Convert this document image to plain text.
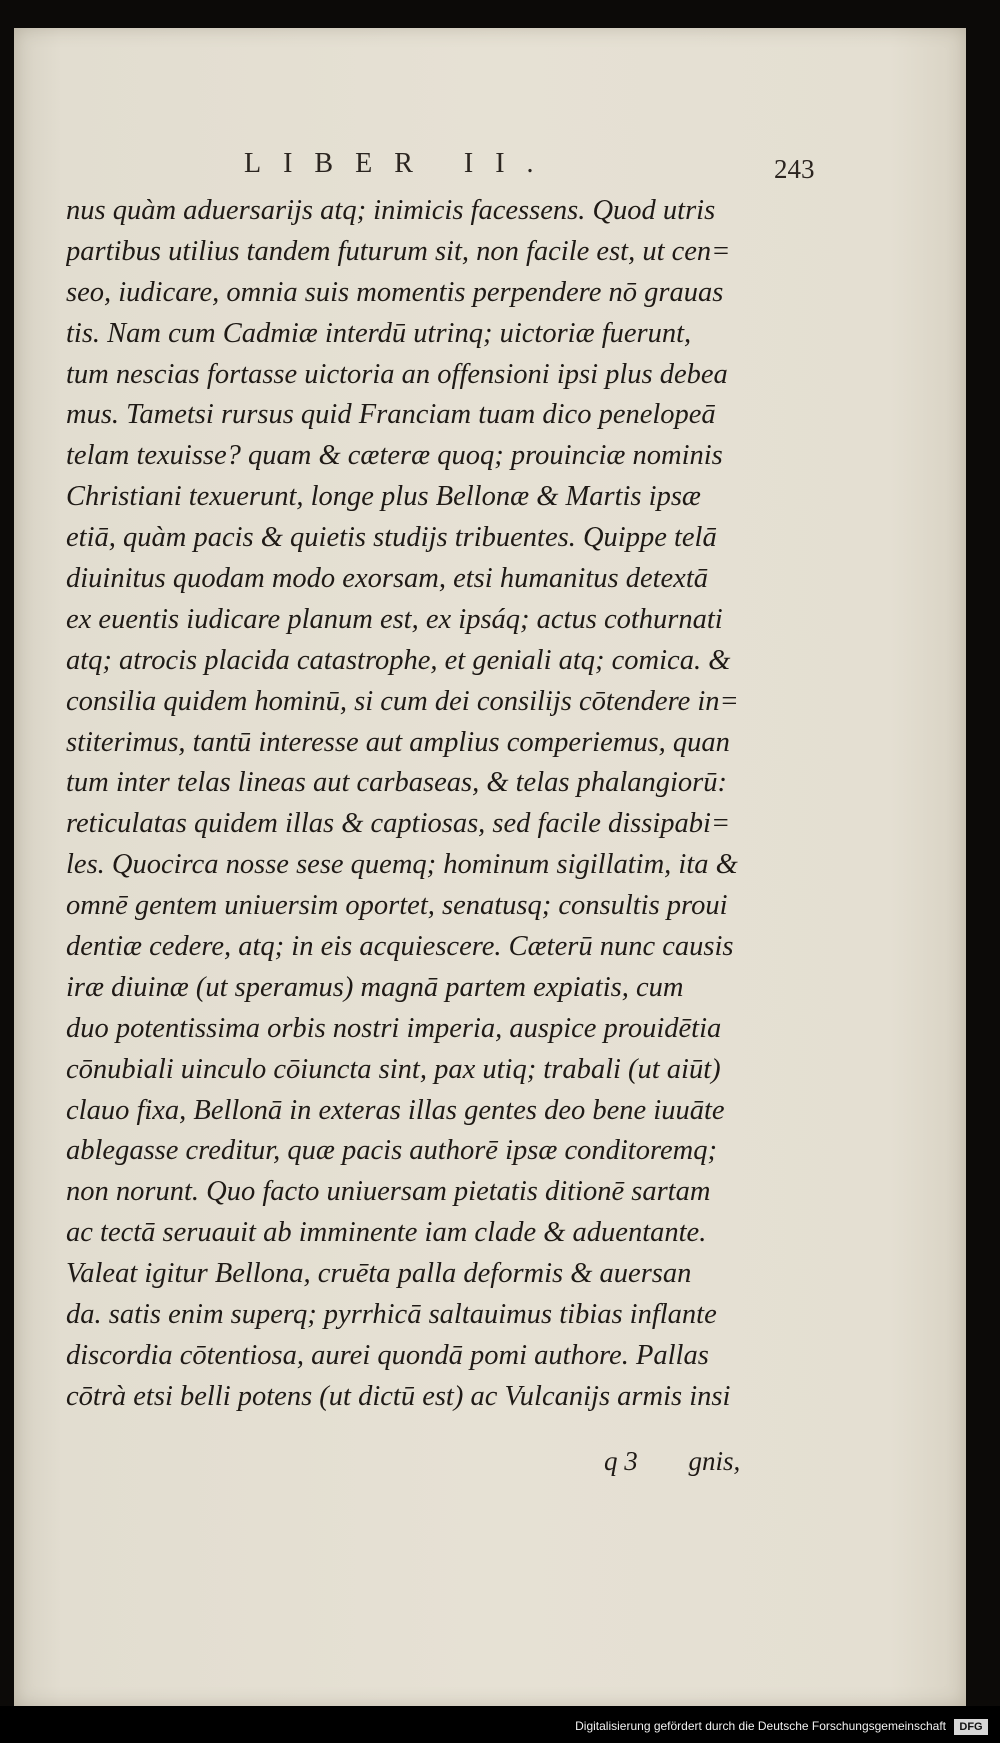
LIBER II.	243
nus quàm aduersarijs atq; inimicis facessens. Quod utris
partibus utilius tandem futurum sit, non facile est, ut cen=
seo, iudicare, omnia suis momentis perpendere nō grauas
tis. Nam cum Cadmiæ interdū utrinq; uictoriæ fuerunt,
tum nescias fortasse uictoria an offensioni ipsi plus debea
mus. Tametsi rursus quid Franciam tuam dico penelopeā
telam texuisse? quam & cæteræ quoq; prouinciæ nominis
Christiani texuerunt, longe plus Bellonæ & Martis ipsæ
etiā, quàm pacis & quietis studijs tribuentes. Quippe telā
diuinitus quodam modo exorsam, etsi humanitus detextā
ex euentis iudicare planum est, ex ipsáq; actus cothurnati
atq; atrocis placida catastrophe, et geniali atq; comica. &
consilia quidem hominū, si cum dei consilijs cōtendere in=
stiterimus, tantū interesse aut amplius comperiemus, quan
tum inter telas lineas aut carbaseas, & telas phalangiorū:
reticulatas quidem illas & captiosas, sed facile dissipabi=
les. Quocirca nosse sese quemq; hominum sigillatim, ita &
omnē gentem uniuersim oportet, senatusq; consultis proui
dentiæ cedere, atq; in eis acquiescere. Cæterū nunc causis
iræ diuinæ (ut speramus) magnā partem expiatis, cum
duo potentissima orbis nostri imperia, auspice prouidētia
cōnubiali uinculo cōiuncta sint, pax utiq; trabali (ut aiūt)
clauo fixa, Bellonā in exteras illas gentes deo bene iuuāte
ablegasse creditur, quæ pacis authorē ipsæ conditoremq;
non norunt. Quo facto uniuersam pietatis ditionē sartam
ac tectā seruauit ab imminente iam clade & aduentante.
Valeat igitur Bellona, cruēta palla deformis & auersan
da. satis enim superq; pyrrhicā saltauimus tibias inflante
discordia cōtentiosa, aurei quondā pomi authore. Pallas
cōtrà etsi belli potens (ut dictū est) ac Vulcanijs armis insi
q 3 gnis,
Digitalisierung gefördert durch die Deutsche Forschungsgemeinschaft	DFG
